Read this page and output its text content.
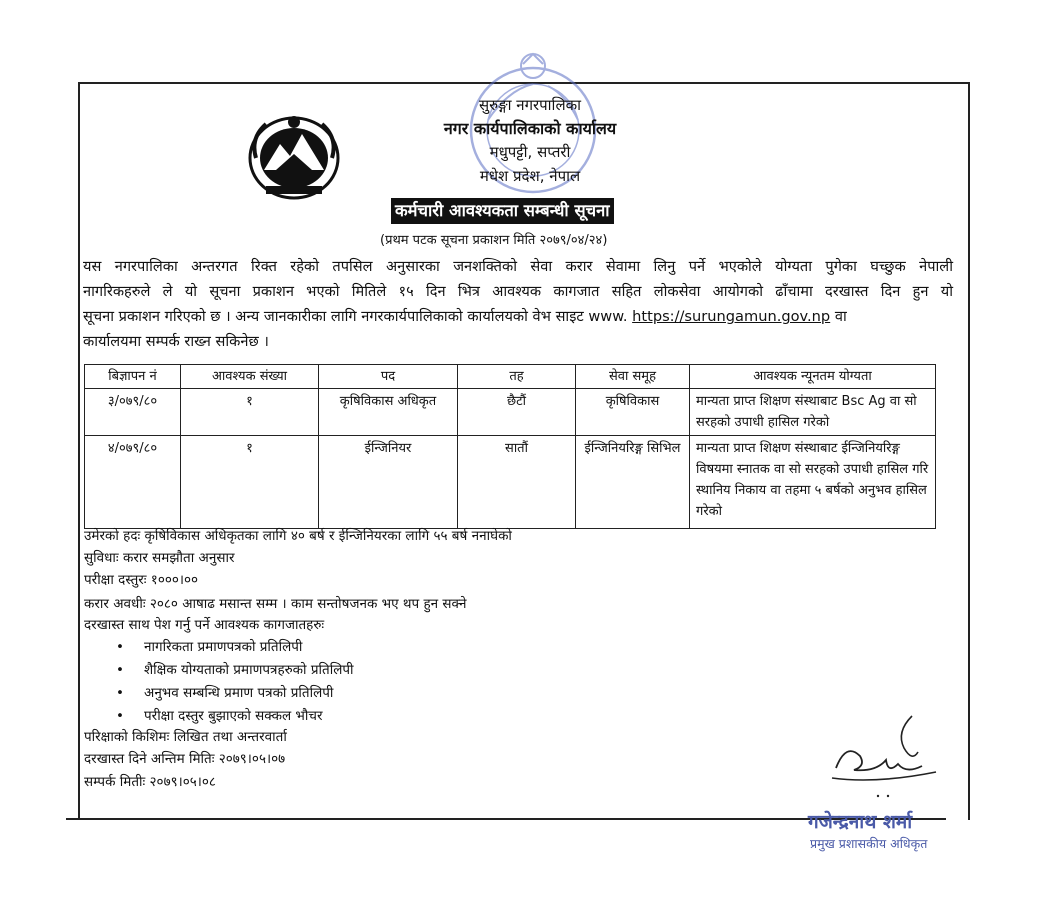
सुरुङ्गा नगरपालिका
नगर कार्यपालिकाको कार्यालय
मधुपट्टी, सप्तरी
मधेश प्रदेश, नेपाल
कर्मचारी आवश्यकता सम्बन्धी सूचना
(प्रथम पटक सूचना प्रकाशन मिति २०७९/०४/२४)
यस नगरपालिका अन्तरगत रिक्त रहेको तपसिल अनुसारका जनशक्तिको सेवा करार सेवामा लिनु पर्ने भएकोले योग्यता पुगेका घच्छुक नेपाली
नागरिकहरुले ले यो सूचना प्रकाशन भएको मितिले १५ दिन भित्र आवश्यक कागजात सहित लोकसेवा आयोगको ढाँचामा दरखास्त दिन हुन यो
सूचना प्रकाशन गरिएको छ । अन्य जानकारीका लागि नगरकार्यपालिकाको कार्यालयको वेभ साइट www. https://surungamun.gov.np वा
कार्यालयमा सम्पर्क राख्न सकिनेछ ।
बिज्ञापन नं	आवश्यक संख्या	पद	तह	सेवा समूह	आवश्यक न्यूनतम योग्यता
३/०७९/८०	१	कृषिविकास अधिकृत	छैटौं	कृषिविकास	मान्यता प्राप्त शिक्षण संस्थाबाट Bsc Ag वा सो सरहको उपाधी हासिल गरेको
४/०७९/८०	१	ईन्जिनियर	सातौं	ईन्जिनियरिङ्ग सिभिल	मान्यता प्राप्त शिक्षण संस्थाबाट ईन्जिनियरिङ्ग विषयमा स्नातक वा सो सरहको उपाधी हासिल गरि स्थानिय निकाय वा तहमा ५ बर्षको अनुभव हासिल गरेको
उमेरको हदः कृषिविकास अधिकृतका लागि ४० बर्ष र ईन्जिनियरका लागि ५५ बर्ष ननाघेको
सुविधाः करार समझौता अनुसार
परीक्षा दस्तुरः १०००।००
करार अवधीः २०८० आषाढ मसान्त सम्म । काम सन्तोषजनक भए थप हुन सक्ने
दरखास्त साथ पेश गर्नु पर्ने आवश्यक कागजातहरुः
• नागरिकता प्रमाणपत्रको प्रतिलिपी
• शैक्षिक योग्यताको प्रमाणपत्रहरुको प्रतिलिपी
• अनुभव सम्बन्धि प्रमाण पत्रको प्रतिलिपी
• परीक्षा दस्तुर बुझाएको सक्कल भौचर
परिक्षाको किशिमः लिखित तथा अन्तरवार्ता
दरखास्त दिने अन्तिम मितिः २०७९।०५।०७
सम्पर्क मितीः २०७९।०५।०८
गजेन्द्रनाथ शर्मा
प्रमुख प्रशासकीय अधिकृत
